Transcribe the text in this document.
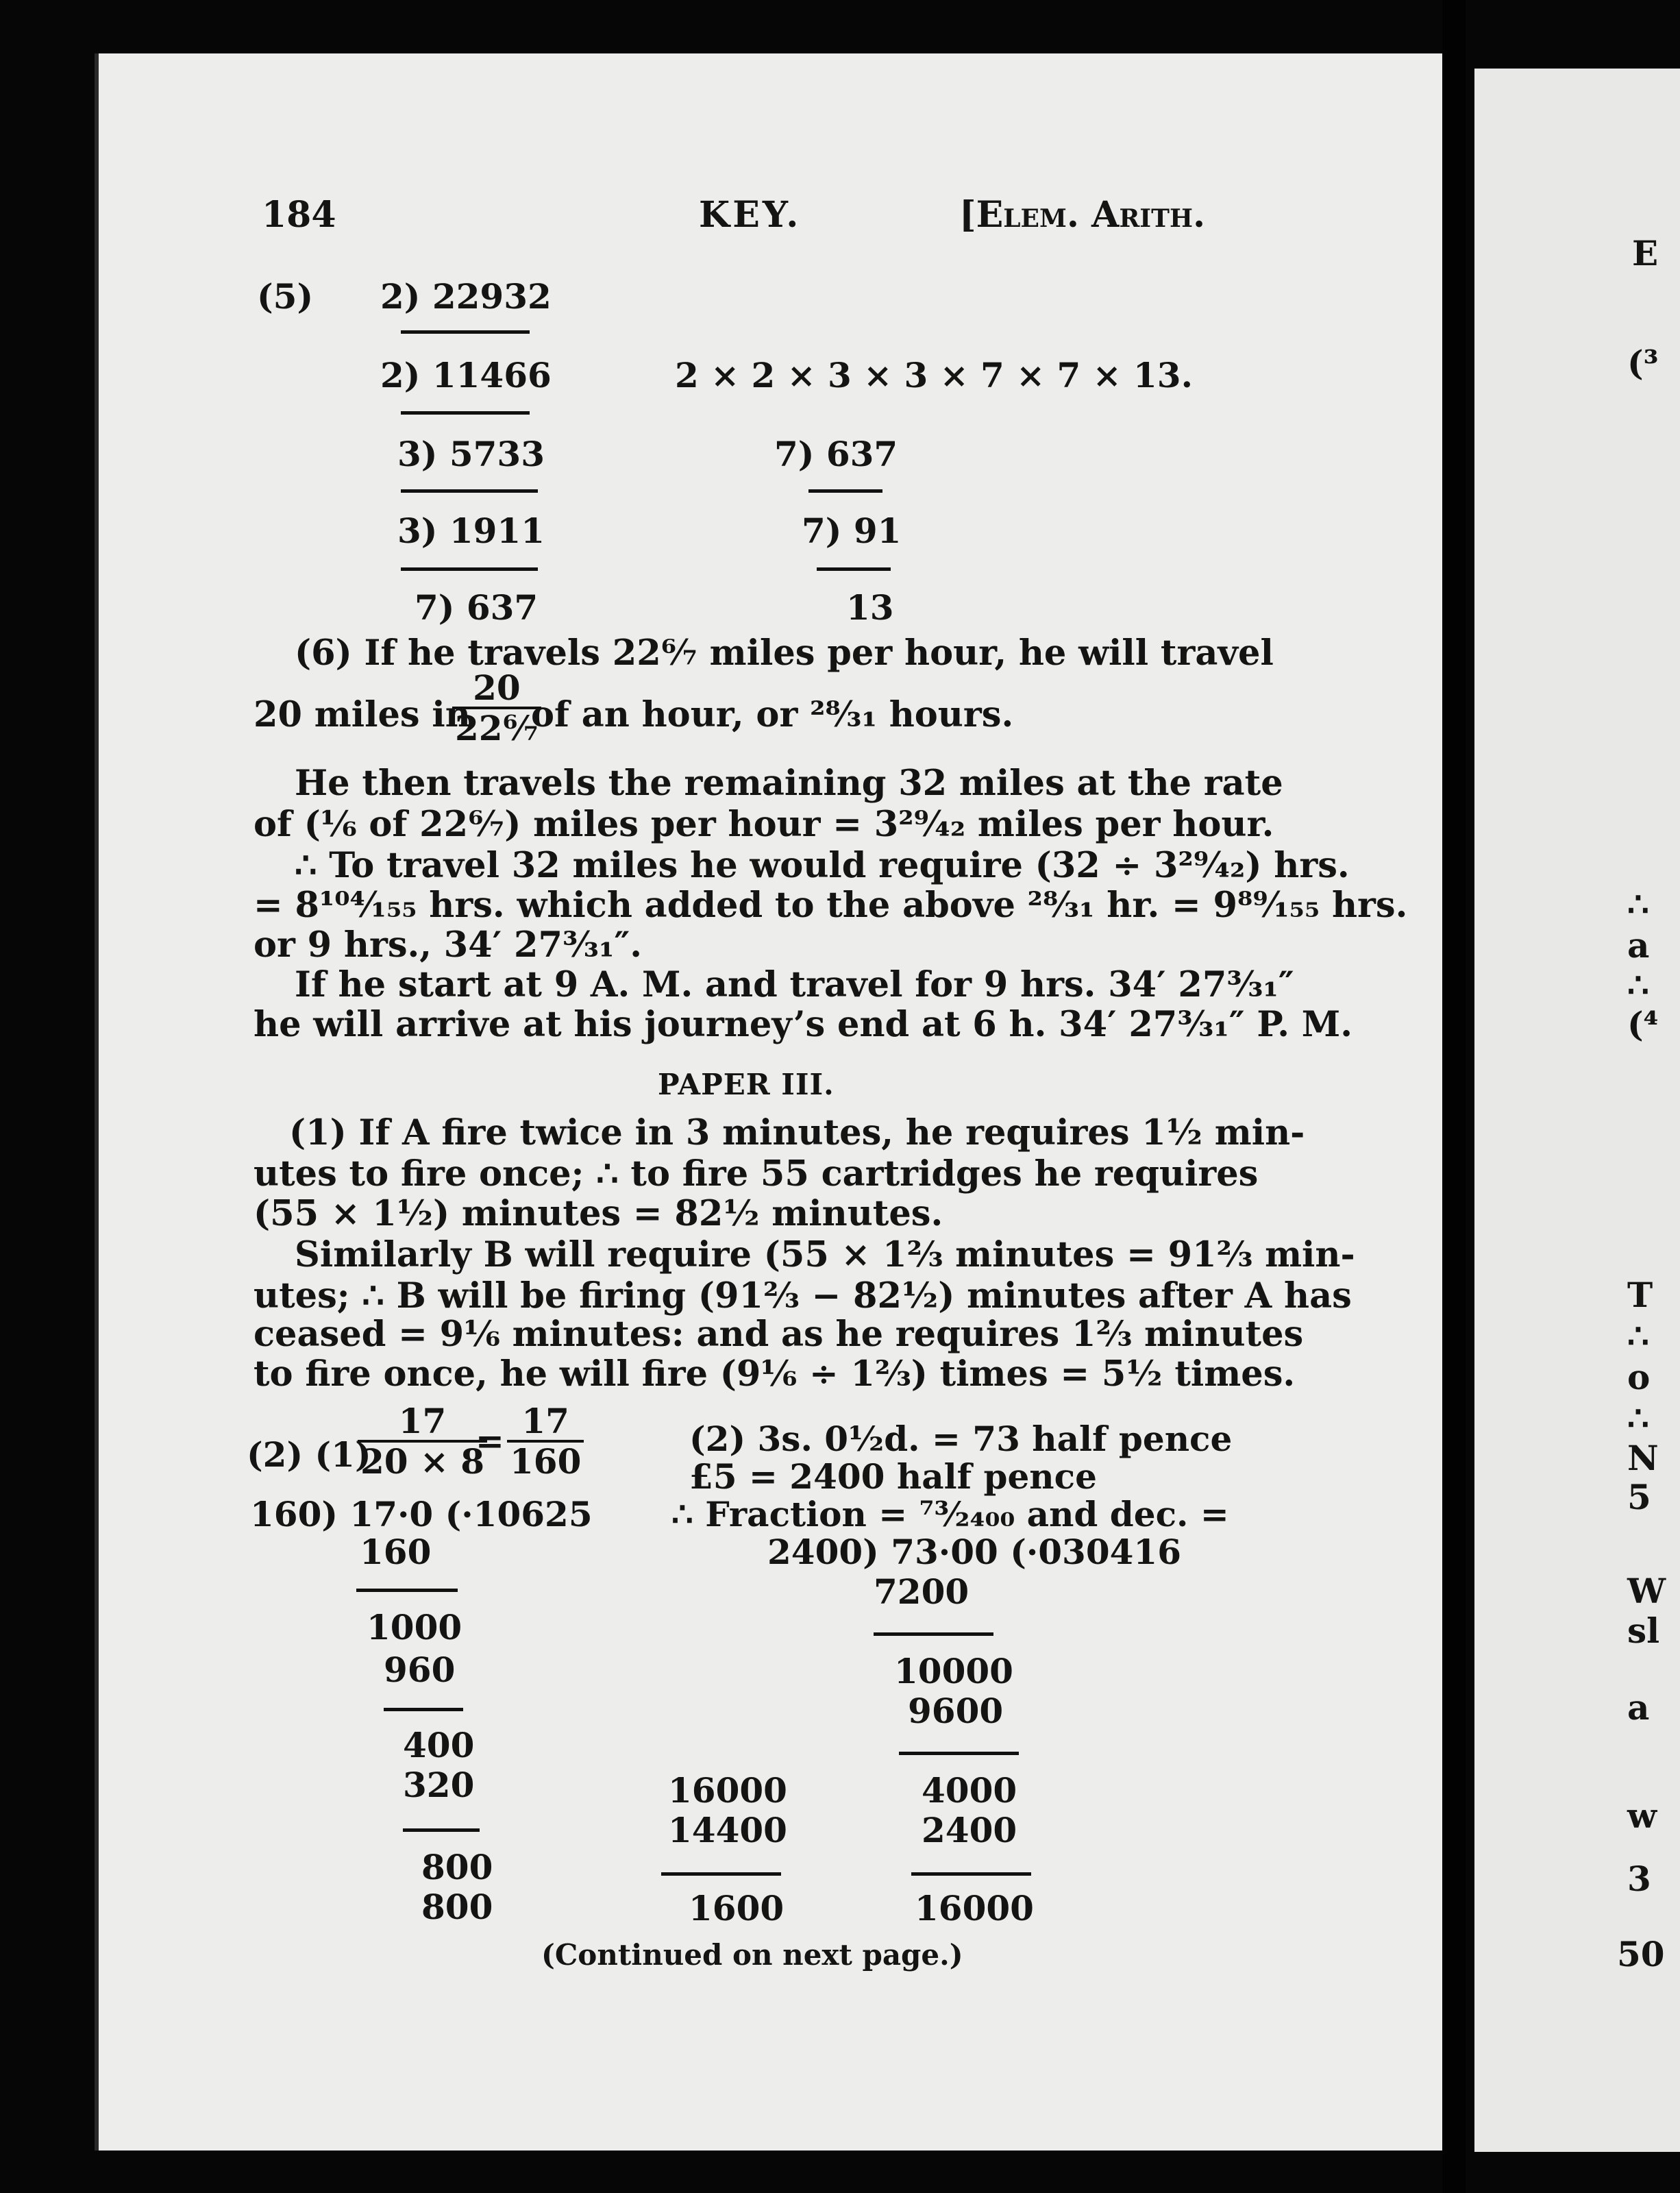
184	KEY.	[Elem. Arith.
(5) 2) 22932
2) 11466
3) 5733
3) 1911
7) 637
2 × 2 × 3 × 3 × 7 × 7 × 13.
7) 637
7) 91
13
(6) If he travels 22⁶⁄₇ miles per hour, he will travel
20 miles in
$\frac{20}{\text{22⁶⁄₇}}$
of an hour, or ²⁸⁄₃₁ hours.
He then travels the remaining 32 miles at the rate
of (⅙ of 22⁶⁄₇) miles per hour = 3²⁹⁄₄₂ miles per hour.
∴ To travel 32 miles he would require (32 ÷ 3²⁹⁄₄₂) hrs.
= 8¹⁰⁴⁄₁₅₅ hrs. which added to the above ²⁸⁄₃₁ hr. = 9⁸⁹⁄₁₅₅ hrs.
or 9 hrs., 34′ 27³⁄₃₁″.
If he start at 9 A. M. and travel for 9 hrs. 34′ 27³⁄₃₁″
he will arrive at his journey’s end at 6 h. 34′ 27³⁄₃₁″ P. M.
PAPER III.
(1) If A fire twice in 3 minutes, he requires 1½ min-
utes to fire once; ∴ to fire 55 cartridges he requires
(55 × 1½) minutes = 82½ minutes.
Similarly B will require (55 × 1⅔ minutes = 91⅔ min-
utes; ∴ B will be firing (91⅔ − 82½) minutes after A has
ceased = 9⅙ minutes: and as he requires 1⅔ minutes
to fire once, he will fire (9⅙ ÷ 1⅔) times = 5½ times.
(2) (1)
$\frac{17}{20 \times 8}$
= $\frac{17}{160}$
160) 17·0 (·10625
160
1000
960
400
320
800
800
(2) 3s. 0½d. = 73 half pence
£5 = 2400 half pence
∴ Fraction = ⁷³⁄₂₄₀₀ and dec. =
2400) 73·00 (·030416
7200
10000
9600
4000
2400
16000
16000
14400
1600
(Continued on next page.)
E
(³
∴
a
∴
(⁴
T
∴
o
∴
N
5
W
sl
a
w
3
50
